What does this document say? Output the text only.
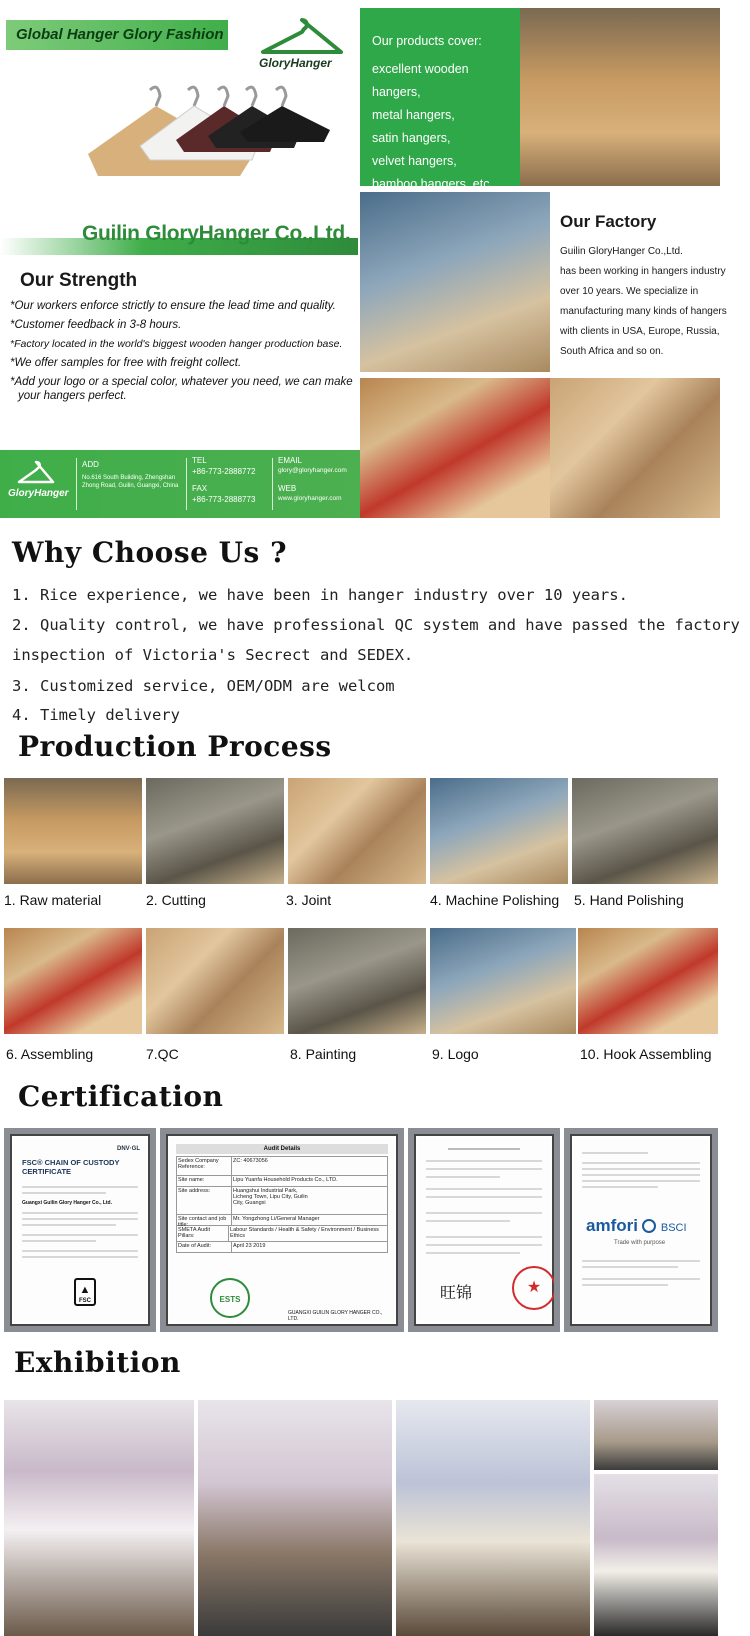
Global Hanger Glory Fashion
GloryHanger
Guilin GloryHanger Co.,Ltd.
Our products cover:
excellent wooden hangers,
metal hangers,
satin hangers,
velvet hangers,
bamboo hangers, etc.
Our Factory
Guilin GloryHanger Co.,Ltd.
has been working in hangers industry
over 10 years. We specialize in
manufacturing many kinds of hangers
with clients in USA, Europe, Russia,
South Africa and so on.
Our Strength
*Our workers enforce strictly to ensure the lead time and quality.
*Customer feedback in 3-8 hours.
*Factory located in the world's biggest wooden hanger production base.
*We offer samples for free with freight collect.
*Add your logo or a special color, whatever you need, we can make
your hangers perfect.
GloryHanger
ADD
No.616 South Building, Zhengshan
Zhong Road, Guilin, Guangxi, China
TEL
+86-773-2888772
FAX
+86-773-2888773
EMAIL
glory@gloryhanger.com
WEB
www.gloryhanger.com
Why Choose Us ?
1. Rice experience, we have been in hanger industry over 10 years.
2. Quality control, we have professional QC system and have passed the factory
inspection of Victoria's Secrect and SEDEX.
3. Customized service, OEM/ODM are welcom
4. Timely delivery
Production Process
1. Raw material	2. Cutting	3. Joint	4. Machine Polishing 5. Hand Polishing
6. Assembling	7.QC	8. Painting	9. Logo	10. Hook Assembling
Certification
DNV·GL
FSC® CHAIN OF CUSTODY
CERTIFICATE
Guangxi Guilin Glory Hanger Co., Ltd.
▲
FSC
Audit Details
Sedex Company Reference:
ZC: 40673056
Site name:	Lipu Yuanfa Household Products Co., LTD.
Site address:	Huangshui Industrial Park, Licheng Town, Lipu City, Guilin City, Guangxi
Site contact and job title:
Mr. Yongzhong Li/General Manager
SMETA Audit Pillars:
Labour Standards / Health & Safety / Environment / Business Ethics
Date of Audit:	April 23 2019
ESTS
GUANGXI GUILIN GLORY HANGER CO., LTD.
旺锦	★
amfori BSCI
Trade with purpose
Exhibition
